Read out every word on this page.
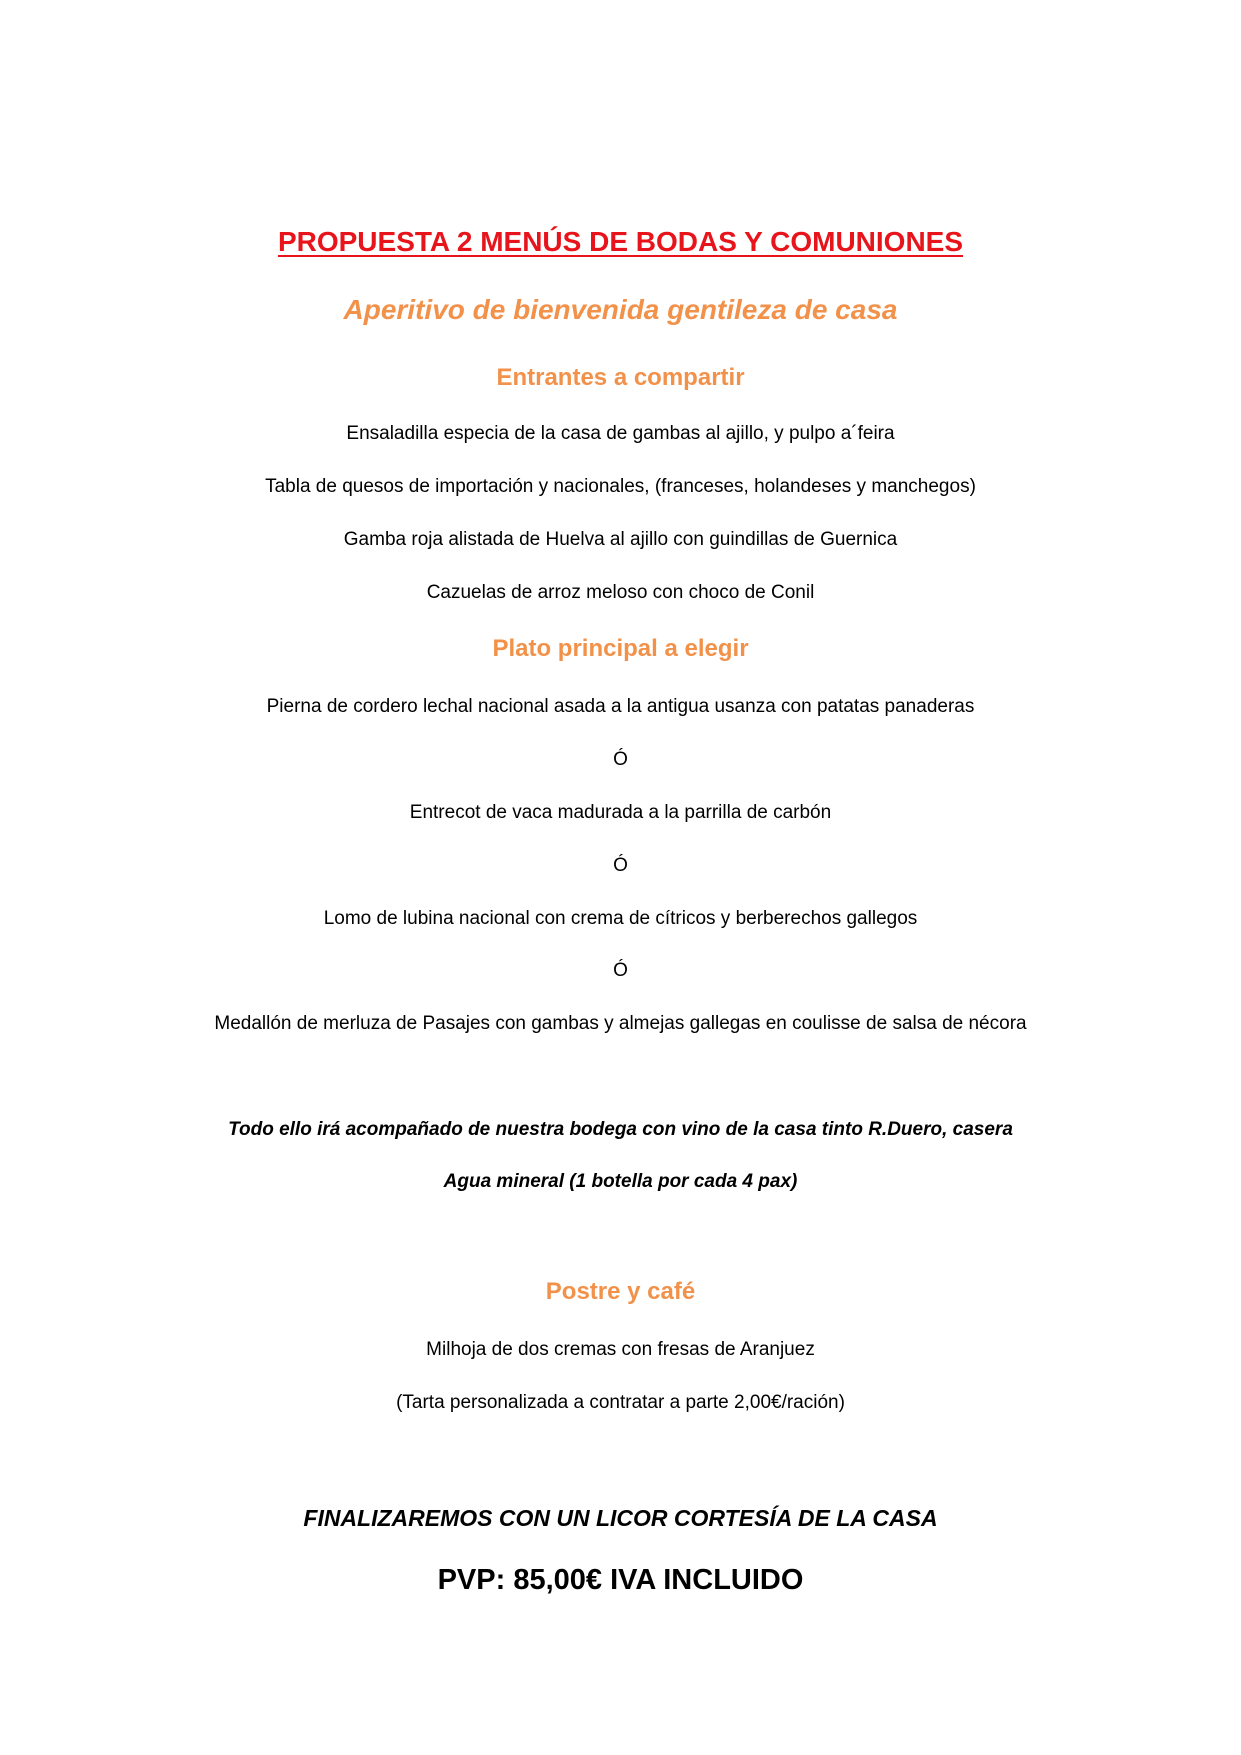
PROPUESTA 2 MENÚS DE BODAS Y COMUNIONES
Aperitivo de bienvenida gentileza de casa
Entrantes a compartir
Ensaladilla especia de la casa de gambas al ajillo, y pulpo a´feira
Tabla de quesos de importación y nacionales, (franceses, holandeses y manchegos)
Gamba roja alistada de Huelva al ajillo con guindillas de Guernica
Cazuelas de arroz meloso con choco de Conil
Plato principal a elegir
Pierna de cordero lechal nacional asada a la antigua usanza con patatas panaderas
Ó
Entrecot de vaca madurada a la parrilla de carbón
Ó
Lomo de lubina nacional con crema de cítricos y berberechos gallegos
Ó
Medallón de merluza de Pasajes con gambas y almejas gallegas en coulisse de salsa de nécora
Todo ello irá acompañado de nuestra bodega con vino de la casa tinto R.Duero, casera
Agua mineral (1 botella por cada 4 pax)
Postre y café
Milhoja de dos cremas con fresas de Aranjuez
(Tarta personalizada a contratar a parte 2,00€/ración)
FINALIZAREMOS CON UN LICOR CORTESÍA DE LA CASA
PVP: 85,00€ IVA INCLUIDO
